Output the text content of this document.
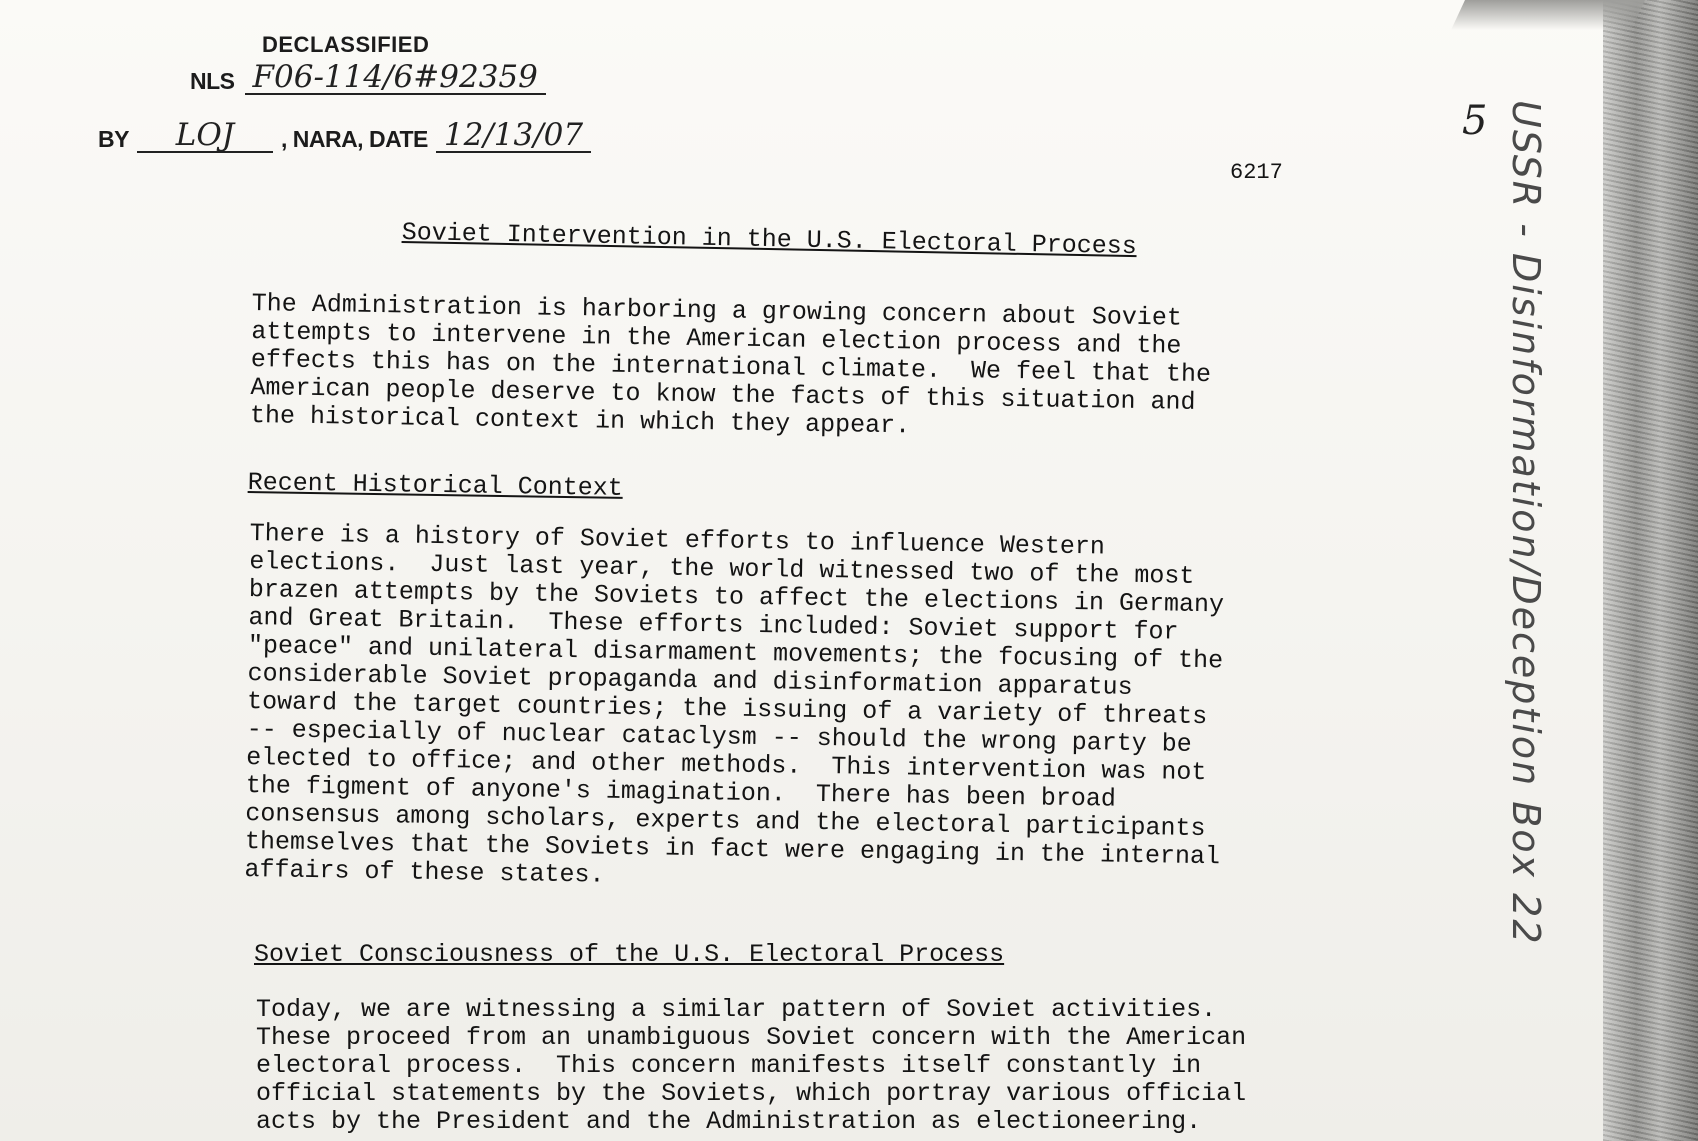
DECLASSIFIED
NLS F06-114/6#92359
BY	LOJ	, NARA, DATE 12/13/07	5 USSR - Disinformation/Deception Box 22
6217
Soviet Intervention in the U.S. Electoral Process
The Administration is harboring a growing concern about Soviet
attempts to intervene in the American election process and the
effects this has on the international climate.  We feel that the
American people deserve to know the facts of this situation and
the historical context in which they appear.
Recent Historical Context
There is a history of Soviet efforts to influence Western
elections.  Just last year, the world witnessed two of the most
brazen attempts by the Soviets to affect the elections in Germany
and Great Britain.  These efforts included: Soviet support for
"peace" and unilateral disarmament movements; the focusing of the
considerable Soviet propaganda and disinformation apparatus
toward the target countries; the issuing of a variety of threats
-- especially of nuclear cataclysm -- should the wrong party be
elected to office; and other methods.  This intervention was not
the figment of anyone's imagination.  There has been broad
consensus among scholars, experts and the electoral participants
themselves that the Soviets in fact were engaging in the internal
affairs of these states.
Soviet Consciousness of the U.S. Electoral Process
Today, we are witnessing a similar pattern of Soviet activities.
These proceed from an unambiguous Soviet concern with the American
electoral process.  This concern manifests itself constantly in
official statements by the Soviets, which portray various official
acts by the President and the Administration as electioneering.
